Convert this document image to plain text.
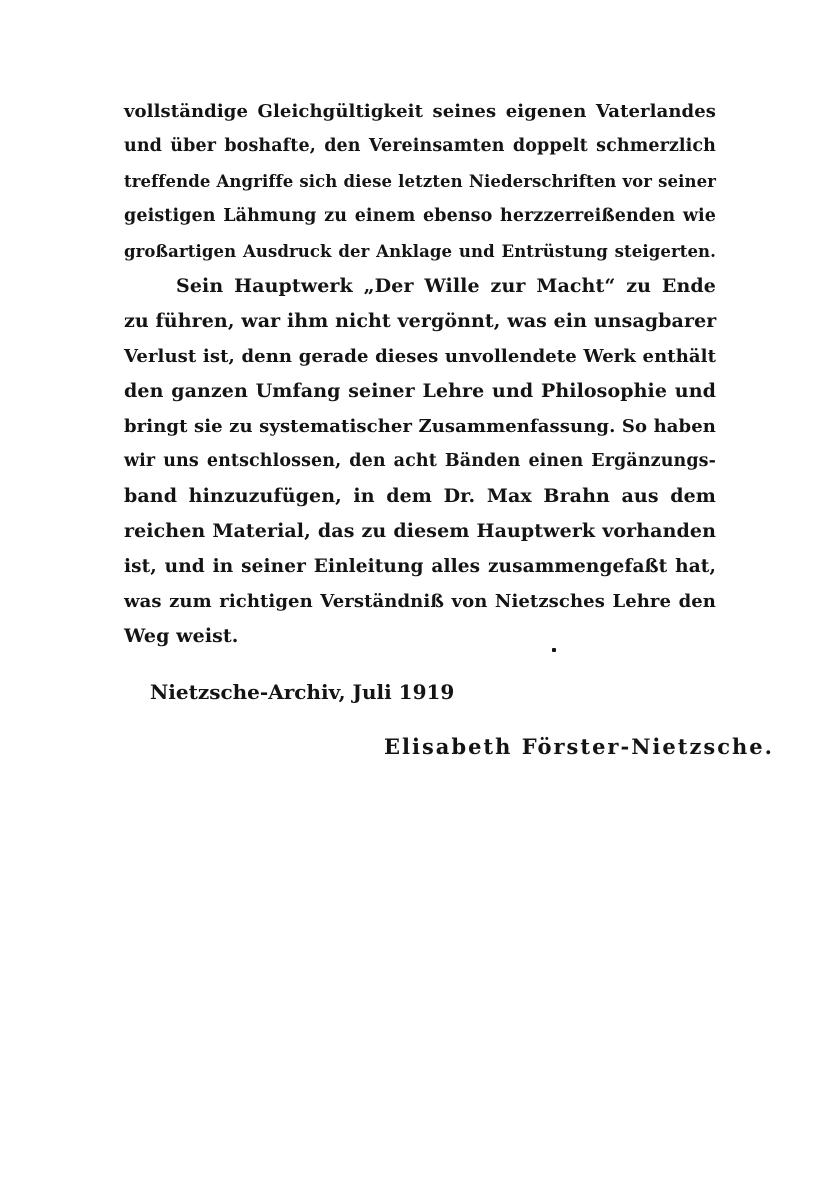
vollständige Gleichgültigkeit seines eigenen Vaterlandes
und über boshafte, den Vereinsamten doppelt schmerzlich
treffende Angriffe sich diese letzten Niederschriften vor seiner
geistigen Lähmung zu einem ebenso herzzerreißenden wie
großartigen Ausdruck der Anklage und Entrüstung steigerten.
Sein Hauptwerk „Der Wille zur Macht“ zu Ende
zu führen, war ihm nicht vergönnt, was ein unsagbarer
Verlust ist, denn gerade dieses unvollendete Werk enthält
den ganzen Umfang seiner Lehre und Philosophie und
bringt sie zu systematischer Zusammenfassung. So haben
wir uns entschlossen, den acht Bänden einen Ergänzungs-
band hinzuzufügen, in dem Dr. Max Brahn aus dem
reichen Material, das zu diesem Hauptwerk vorhanden
ist, und in seiner Einleitung alles zusammengefaßt hat,
was zum richtigen Verständniß von Nietzsches Lehre den
Weg weist.
Nietzsche-Archiv, Juli 1919
Elisabeth Förster-Nietzsche.
